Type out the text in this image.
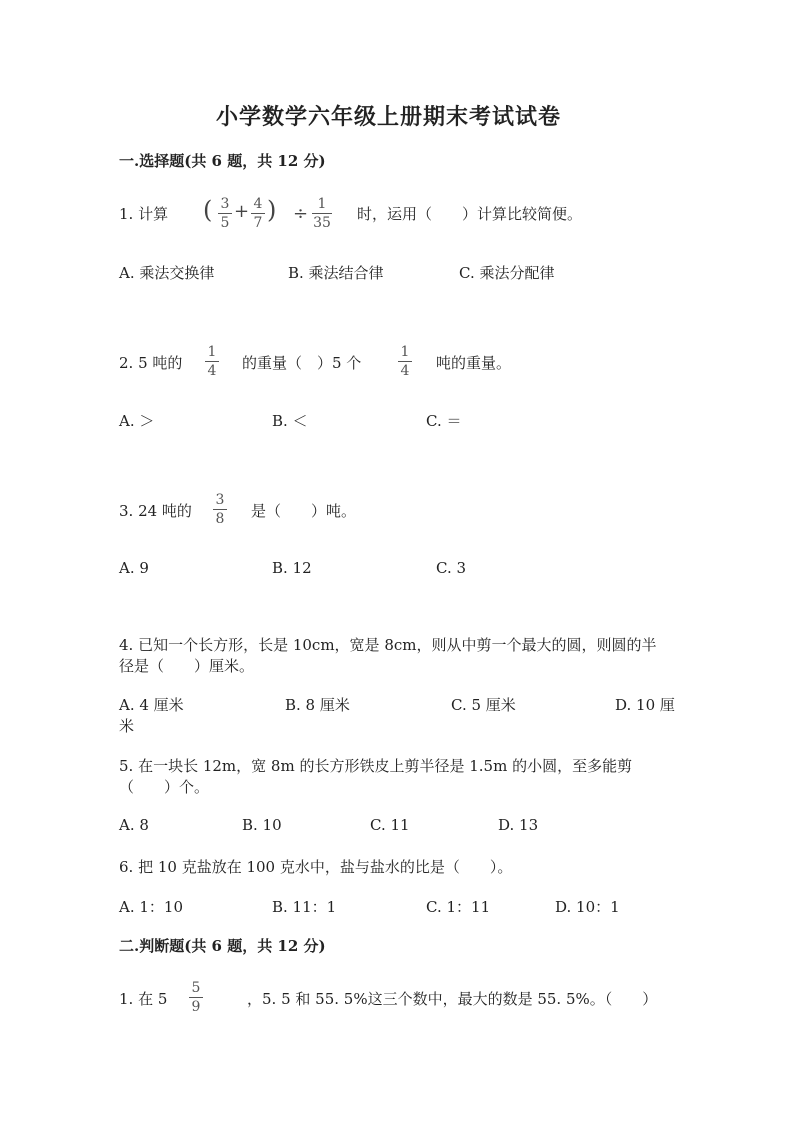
小学数学六年级上册期末考试试卷
一.选择题(共 6 题，共 12 分)
1. 计算 ( 3
5
+ 4
7 ) ÷ 1
35 时，运用（　　）计算比较简便。
A. 乘法交换律	B. 乘法结合律	C. 乘法分配律
2. 5 吨的
1
4 的重量（　）5 个
1
4 吨的重量。
A. ＞	B. ＜	C. ＝
3. 24 吨的
3
8 是（　　）吨。
A. 9	B. 12	C. 3
4. 已知一个长方形，长是 10cm，宽是 8cm，则从中剪一个最大的圆，则圆的半
径是（　　）厘米。
A. 4 厘米	B. 8 厘米	C. 5 厘米	D. 10 厘
米
5. 在一块长 12m，宽 8m 的长方形铁皮上剪半径是 1.5m 的小圆，至多能剪
（　　）个。
A. 8	B. 10	C. 11	D. 13
6. 把 10 克盐放在 100 克水中，盐与盐水的比是（　　）。
A. 1：10	B. 11：1	C. 1：11	D. 10：1
二.判断题(共 6 题，共 12 分)
1. 在 5
5
9	，5. 5 和 55. 5%这三个数中，最大的数是 55. 5%。（　　）
